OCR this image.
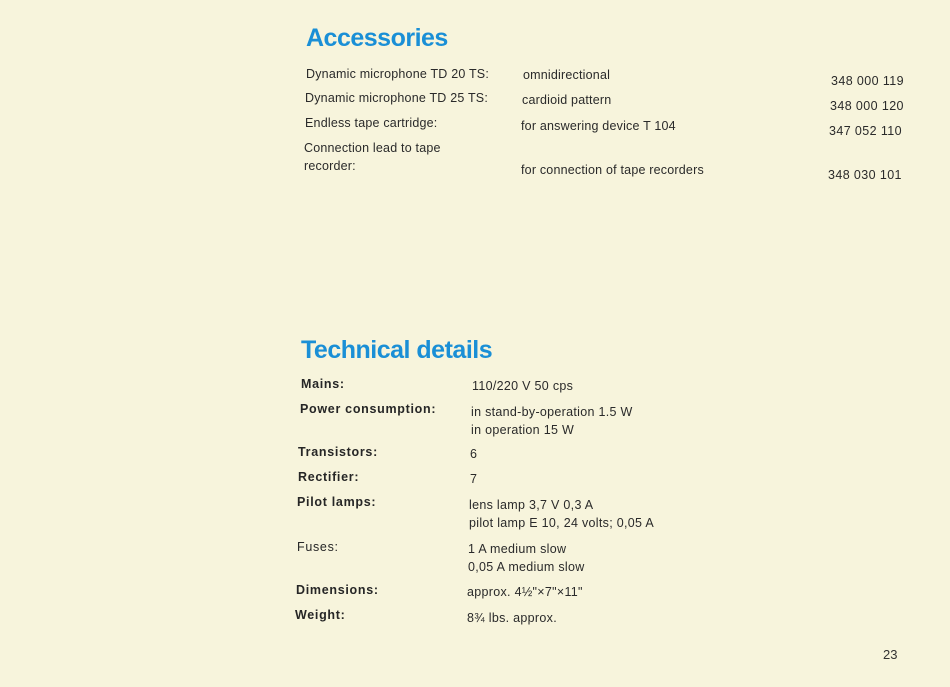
Accessories
Dynamic microphone TD 20 TS:	omnidirectional	348 000 119
Dynamic microphone TD 25 TS:	cardioid pattern	348 000 120
Endless tape cartridge:	for answering device T 104	347 052 110
Connection lead to tape recorder:	for connection of tape recorders	348 030 101
Technical details
Mains:	110/220 V 50 cps
Power consumption:	in stand-by-operation 1.5 W
in operation 15 W
Transistors:	6
Rectifier:	7
Pilot lamps:	lens lamp 3,7 V 0,3 A
pilot lamp E 10, 24 volts; 0,05 A
Fuses:	1 A medium slow
0,05 A medium slow
Dimensions:	approx. 4½"×7"×11"
Weight:	8¾ lbs. approx.
23
